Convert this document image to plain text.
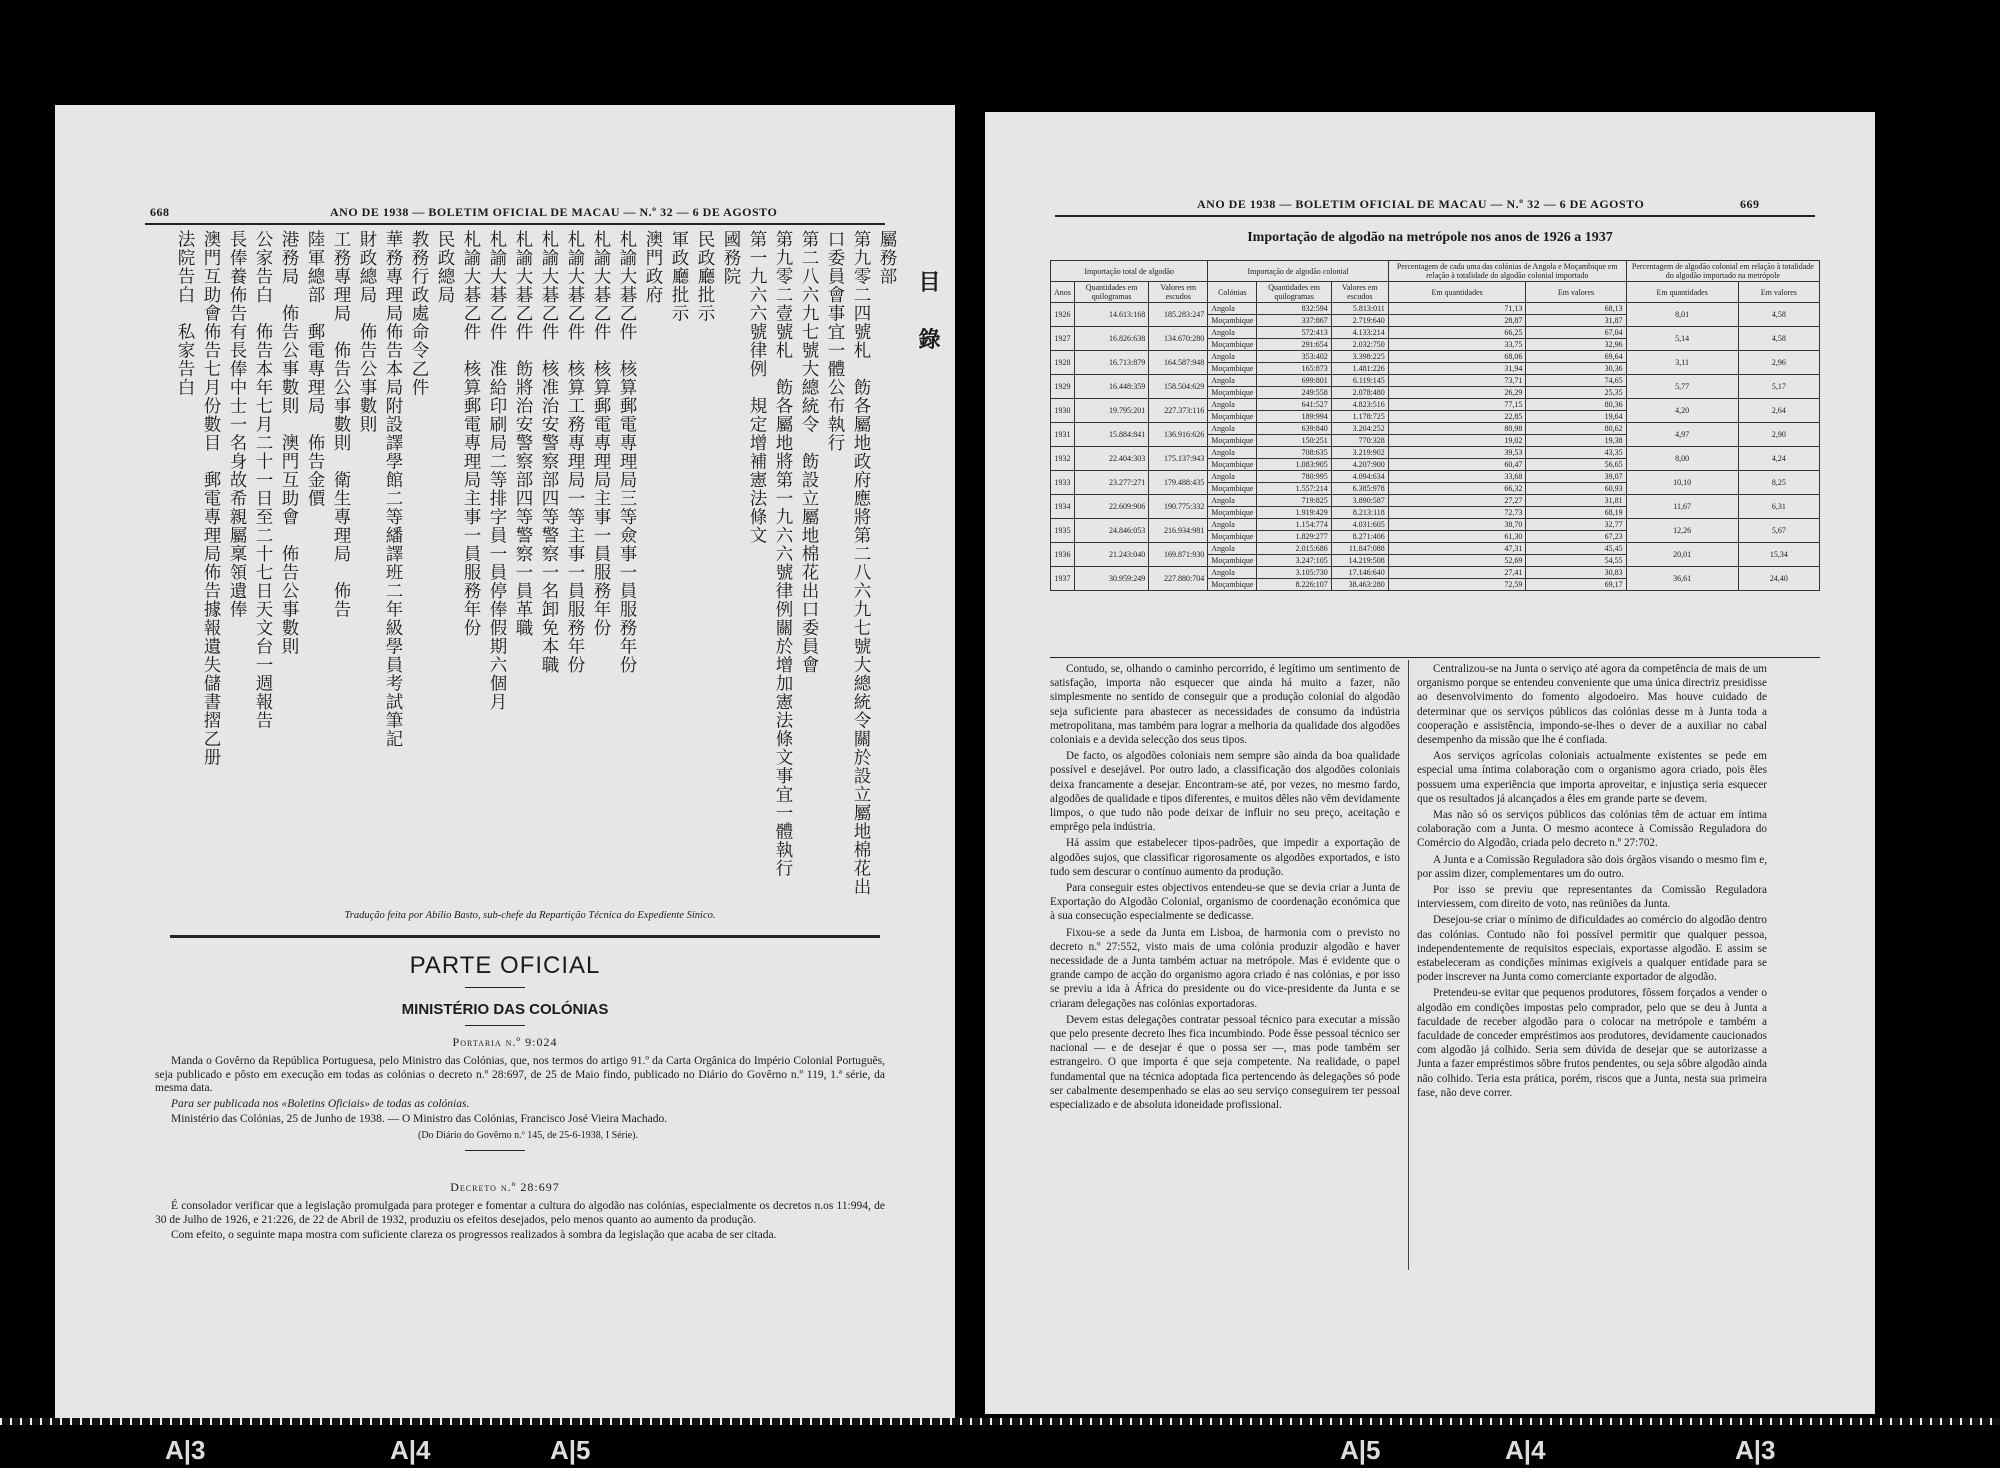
668	ANO DE 1938 — BOLETIM OFICIAL DE MACAU — N.º 32 — 6 DE AGOSTO
目 錄
屬務部
第九零二四號札　飭各屬地政府應將第二八六九七號大總統令關於設立屬地棉花出
口委員會事宜一體公布執行
第二八六九七號大總統令　飭設立屬地棉花出口委員會
第九零二壹號札　飭各屬地將第一九六六號律例關於增加憲法條文事宜一體執行
第一九六六號律例　規定增補憲法條文
國務院
民政廳批示
軍政廳批示
澳門政府
札諭大碁乙件　核算郵電專理局三等僉事一員服務年份
札諭大碁乙件　核算郵電專理局主事一員服務年份
札諭大碁乙件　核算工務專理局一等主事一員服務年份
札諭大碁乙件　核准治安警察部四等警察一名卸免本職
札諭大碁乙件　飭將治安警察部四等警察一員革職
札諭大碁乙件　准給印刷局二等排字員一員停俸假期六個月
札諭大碁乙件　核算郵電專理局主事一員服務年份
民政總局
教務行政處命令乙件
華務專理局佈告本局附設譯學館二等繙譯班二年級學員考試筆記
財政總局　佈告公事數則
工務專理局　佈告公事數則　衛生專理局　佈告
陸軍總部　郵電專理局　佈告金價
港務局　佈告公事數則　澳門互助會　佈告公事數則
公家告白　佈告本年七月二十一日至二十七日天文台一週報告
長俸養佈告有長俸中士一名身故希親屬稟領遺俸
澳門互助會佈告七月份數目　郵電專理局佈告據報遺失儲書摺乙册
法院告白　私家告白
Tradução feita por Abílio Basto, sub-chefe da Repartição Técnica do Expediente Sínico.
PARTE OFICIAL
MINISTÉRIO DAS COLÓNIAS
Portaria n.º 9:024

Manda o Govêrno da República Portuguesa, pelo Ministro das Colónias, que, nos termos do artigo 91.º da Carta Orgânica do Império Colonial Português, seja publicado e pôsto em execução em todas as colónias o decreto n.º 28:697, de 25 de Maio findo, publicado no Diário do Govêrno n.º 119, 1.ª série, da mesma data.

Para ser publicada nos «Boletins Oficiais» de todas as colónias.

Ministério das Colónias, 25 de Junho de 1938. — O Ministro das Colónias, Francisco José Vieira Machado.

(Do Diário do Govêrno n.º 145, de 25-6-1938, I Série).

Decreto n.º 28:697

É consolador verificar que a legislação promulgada para proteger e fomentar a cultura do algodão nas colónias, especialmente os decretos n.os 11:994, de 30 de Julho de 1926, e 21:226, de 22 de Abril de 1932, produziu os efeitos desejados, pelo menos quanto ao aumento da produção.

Com efeito, o seguinte mapa mostra com suficiente clareza os progressos realizados à sombra da legislação que acaba de ser citada.

ANO DE 1938 — BOLETIM OFICIAL DE MACAU — N.º 32 — 6 DE AGOSTO	669
Importação de algodão na metrópole nos anos de 1926 a 1937
Importação total de algodão			Importação de algodão colonial			Percentagem de cada uma das colónias de Angola e Moçambique em relação à totalidade do algodão colonial importado		Percentagem de algodão colonial em relação à totalidade do algodão importado na metrópole	
Anos	Quantidades em quilogramas	Valores em escudos	Colónias	Quantidades em quilogramas	Valores em escudos	Em quantidades	Em valores	Em quantidades	Em valores
1926	14.613:168	185.283:247	Angola	832:594	5.813:011	71,13	68,13	8,01	4,58
			Moçambique	337:867	2.719:640	28,87	31,87		
1927	16.826:638	134.670:280	Angola	572:413	4.133:214	66,25	67,04	5,14	4,58
			Moçambique	291:654	2.032:750	33,75	32,96		
1928	16.713:879	164.587:948	Angola	353:402	3.398:225	68,06	69,64	3,11	2,96
			Moçambique	165:873	1.481:226	31,94	30,36		
1929	16.448:359	158.504:629	Angola	699:801	6.119:145	73,71	74,65	5,77	5,17
			Moçambique	249:558	2.078:480	26,29	25,35		
1930	19.795:201	227.373:116	Angola	641:527	4.823:516	77,15	80,36	4,20	2,64
			Moçambique	189:994	1.178:725	22,85	19,64		
1931	15.884:841	136.916:626	Angola	639:840	3.204:252	80,98	80,62	4,97	2,90
			Moçambique	150:251	770:328	19,02	19,38		
1932	22.404:303	175.137:943	Angola	708:635	3.219:902	39,53	43,35	8,00	4,24
			Moçambique	1.083:905	4.207:900	60,47	56,65		
1933	23.277:271	179.488:435	Angola	780:995	4.094:634	33,68	39,07	10,10	8,25
			Moçambique	1.557:214	6.385:978	66,32	60,93		
1934	22.609:906	190.775:332	Angola	719:825	3.890:587	27,27	31,81	11,67	6,31
			Moçambique	1.919:429	8.213:118	72,73	68,19		
1935	24.846:053	216.934:981	Angola	1.154:774	4.031:605	38,70	32,77	12,26	5,67
			Moçambique	1.829:277	8.271:406	61,30	67,23		
1936	21.243:040	169.871:930	Angola	2.015:686	11.847:088	47,31	45,45	20,01	15,34
			Moçambique	3.247:105	14.219:508	52,69	54,55		
1937	30.959:249	227.880:704	Angola	3.105:730	17.146:640	27,41	30,83	36,61	24,40
			Moçambique	8.226:107	38.463:280	72,59	69,17		

Contudo, se, olhando o caminho percorrido, é legítimo um sentimento de satisfação, importa não esquecer que ainda há muito a fazer, não simplesmente no sentido de conseguir que a produção colonial do algodão seja suficiente para abastecer as necessidades de consumo da indústria metropolitana, mas também para lograr a melhoria da qualidade dos algodões coloniais e a devida selecção dos seus tipos.

De facto, os algodões coloniais nem sempre são ainda da boa qualidade possível e desejável. Por outro lado, a classificação dos algodões coloniais deixa francamente a desejar. Encontram-se até, por vezes, no mesmo fardo, algodões de qualidade e tipos diferentes, e muitos dêles não vêm devidamente limpos, o que tudo não pode deixar de influir no seu preço, aceitação e emprêgo pela indústria.

Há assim que estabelecer tipos-padrões, que impedir a exportação de algodões sujos, que classificar rigorosamente os algodões exportados, e isto tudo sem descurar o contínuo aumento da produção.

Para conseguir estes objectivos entendeu-se que se devia criar a Junta de Exportação do Algodão Colonial, organismo de coordenação económica que à sua consecução especialmente se dedicasse.

Fixou-se a sede da Junta em Lisboa, de harmonia com o previsto no decreto n.º 27:552, visto mais de uma colónia produzir algodão e haver necessidade de a Junta também actuar na metrópole. Mas é evidente que o grande campo de acção do organismo agora criado é nas colónias, e por isso se previu a ida à África do presidente ou do vice-presidente da Junta e se criaram delegações nas colónias exportadoras.

Devem estas delegações contratar pessoal técnico para executar a missão que pelo presente decreto lhes fica incumbindo. Pode êsse pessoal técnico ser nacional — e de desejar é que o possa ser —, mas pode também ser estrangeiro. O que importa é que seja competente. Na realidade, o papel fundamental que na técnica adoptada fica pertencendo às delegações só pode ser cabalmente desempenhado se elas ao seu serviço conseguirem ter pessoal especializado e de absoluta idoneidade profissional.

Centralizou-se na Junta o serviço até agora da competência de mais de um organismo porque se entendeu conveniente que uma única directriz presidisse ao desenvolvimento do fomento algodoeiro. Mas houve cuidado de determinar que os serviços públicos das colónias desse m à Junta toda a cooperação e assistência, impondo-se-lhes o dever de a auxiliar no cabal desempenho da missão que lhe é confiada.

Aos serviços agrícolas coloniais actualmente existentes se pede em especial uma íntima colaboração com o organismo agora criado, pois êles possuem uma experiência que importa aproveitar, e injustiça seria esquecer que os resultados já alcançados a êles em grande parte se devem.

Mas não só os serviços públicos das colónias têm de actuar em íntima colaboração com a Junta. O mesmo acontece à Comissão Reguladora do Comércio do Algodão, criada pelo decreto n.º 27:702.

A Junta e a Comissão Reguladora são dois órgãos visando o mesmo fim e, por assim dizer, complementares um do outro.

Por isso se previu que representantes da Comissão Reguladora interviessem, com direito de voto, nas reüniões da Junta.

Desejou-se criar o mínimo de dificuldades ao comércio do algodão dentro das colónias. Contudo não foi possível permitir que qualquer pessoa, independentemente de requisitos especiais, exportasse algodão. E assim se estabeleceram as condições mínimas exigíveis a qualquer entidade para se poder inscrever na Junta como comerciante exportador de algodão.

Pretendeu-se evitar que pequenos produtores, fôssem forçados a vender o algodão em condições impostas pelo comprador, pelo que se deu à Junta a faculdade de receber algodão para o colocar na metrópole e também a faculdade de conceder empréstimos aos produtores, devidamente caucionados com algodão já colhido. Seria sem dúvida de desejar que se autorizasse a Junta a fazer empréstimos sôbre frutos pendentes, ou seja sôbre algodão ainda não colhido. Teria esta prática, porém, riscos que a Junta, nesta sua primeira fase, não deve correr.

A|3	A|4	A|5	A|5	A|4	A|3
